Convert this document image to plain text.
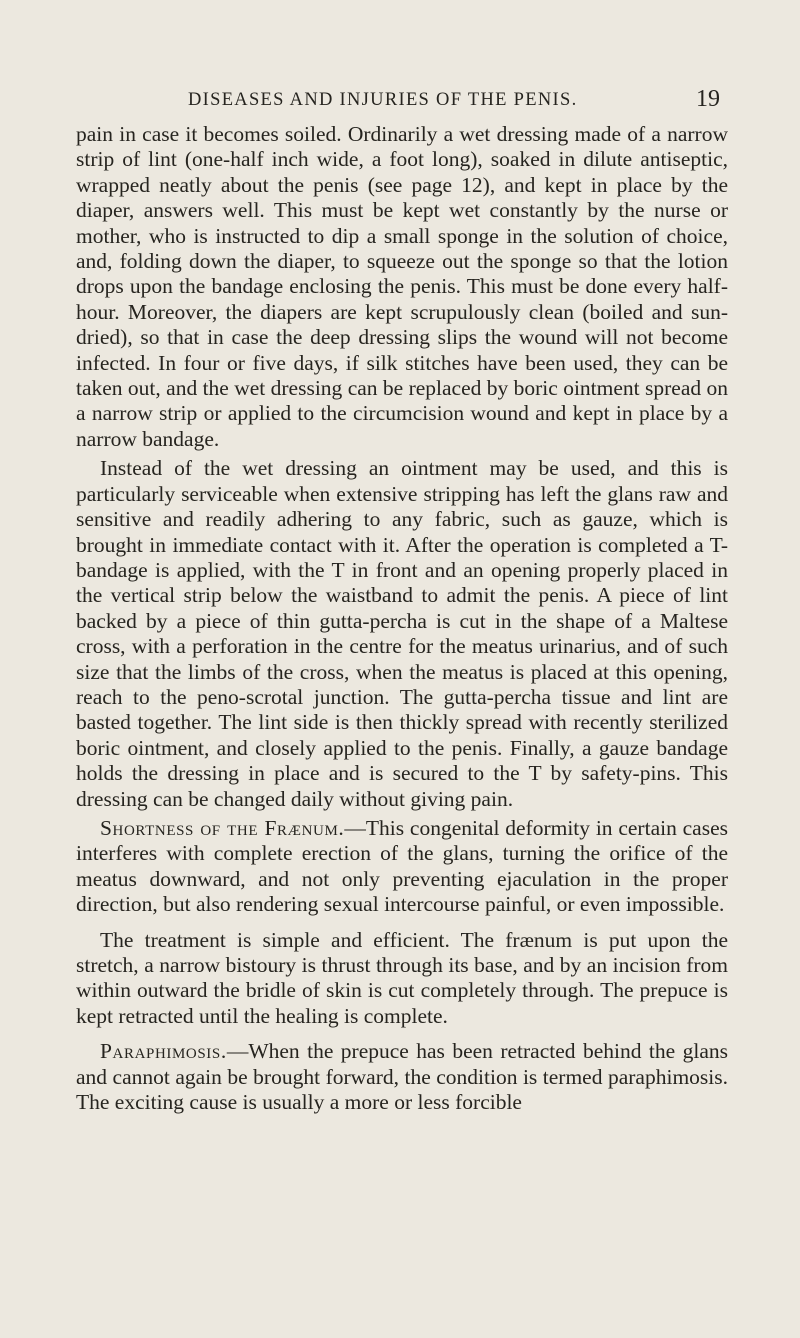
DISEASES AND INJURIES OF THE PENIS.	19

pain in case it becomes soiled. Ordinarily a wet dressing made of a narrow strip of lint (one-half inch wide, a foot long), soaked in dilute antiseptic, wrapped neatly about the penis (see page 12), and kept in place by the diaper, answers well. This must be kept wet constantly by the nurse or mother, who is instructed to dip a small sponge in the solution of choice, and, folding down the diaper, to squeeze out the sponge so that the lotion drops upon the bandage enclosing the penis. This must be done every half-hour. Moreover, the diapers are kept scrupulously clean (boiled and sun-dried), so that in case the deep dressing slips the wound will not become infected. In four or five days, if silk stitches have been used, they can be taken out, and the wet dressing can be replaced by boric ointment spread on a narrow strip or applied to the circumcision wound and kept in place by a narrow bandage.

Instead of the wet dressing an ointment may be used, and this is particularly serviceable when extensive stripping has left the glans raw and sensitive and readily adhering to any fabric, such as gauze, which is brought in immediate contact with it. After the operation is completed a T-bandage is applied, with the T in front and an opening properly placed in the vertical strip below the waistband to admit the penis. A piece of lint backed by a piece of thin gutta-percha is cut in the shape of a Maltese cross, with a perforation in the centre for the meatus urinarius, and of such size that the limbs of the cross, when the meatus is placed at this opening, reach to the peno-scrotal junction. The gutta-percha tissue and lint are basted together. The lint side is then thickly spread with recently sterilized boric ointment, and closely applied to the penis. Finally, a gauze bandage holds the dressing in place and is secured to the T by safety-pins. This dressing can be changed daily without giving pain.

Shortness of the Frænum.—This congenital deformity in certain cases interferes with complete erection of the glans, turning the orifice of the meatus downward, and not only preventing ejaculation in the proper direction, but also rendering sexual intercourse painful, or even impossible.

The treatment is simple and efficient. The frænum is put upon the stretch, a narrow bistoury is thrust through its base, and by an incision from within outward the bridle of skin is cut completely through. The prepuce is kept retracted until the healing is complete.

Paraphimosis.—When the prepuce has been retracted behind the glans and cannot again be brought forward, the condition is termed paraphimosis. The exciting cause is usually a more or less forcible
